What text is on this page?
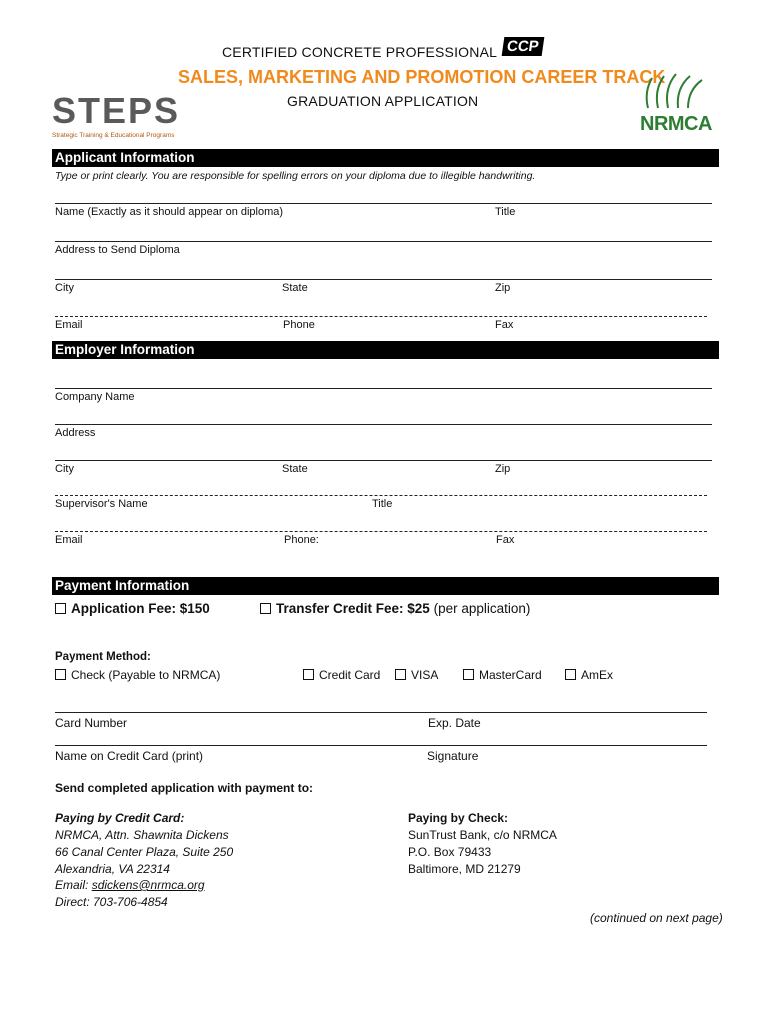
CERTIFIED CONCRETE PROFESSIONAL CCP
SALES, MARKETING AND PROMOTION CAREER TRACK
GRADUATION APPLICATION
STEPS
Strategic Training & Educational Programs
NRMCA
Applicant Information
Type or print clearly. You are responsible for spelling errors on your diploma due to illegible handwriting.
Name (Exactly as it should appear on diploma)	Title
Address to Send Diploma
City	State	Zip
Email	Phone	Fax
Employer Information
Company Name
Address
City	State	Zip
Supervisor's Name	Title
Email	Phone:	Fax
Payment Information
Application Fee: $150	Transfer Credit Fee: $25 (per application)
Payment Method:
Check (Payable to NRMCA)	Credit Card	VISA	MasterCard	AmEx
Card Number	Exp. Date
Name on Credit Card (print)	Signature
Send completed application with payment to:
Paying by Credit Card:
NRMCA, Attn. Shawnita Dickens
66 Canal Center Plaza, Suite 250
Alexandria, VA 22314
Email: sdickens@nrmca.org
Direct: 703-706-4854
Paying by Check:
SunTrust Bank, c/o NRMCA
P.O. Box 79433
Baltimore, MD 21279
(continued on next page)
